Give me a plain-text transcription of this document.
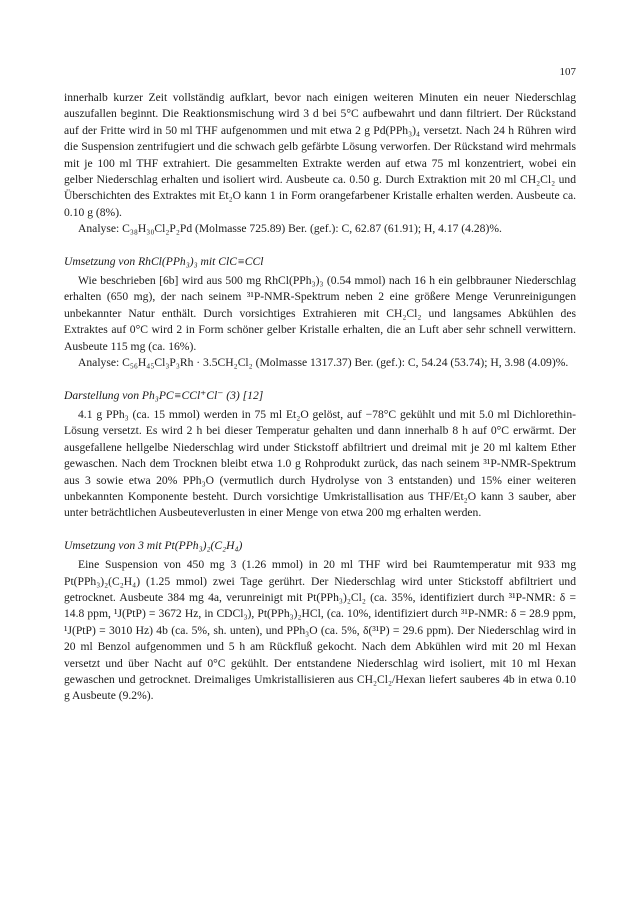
107

innerhalb kurzer Zeit vollständig aufklart, bevor nach einigen weiteren Minuten ein neuer Niederschlag auszufallen beginnt. Die Reaktionsmischung wird 3 d bei 5°C aufbewahrt und dann filtriert. Der Rückstand auf der Fritte wird in 50 ml THF aufgenommen und mit etwa 2 g Pd(PPh₃)₄ versetzt. Nach 24 h Rühren wird die Suspension zentrifugiert und die schwach gelb gefärbte Lösung verworfen. Der Rückstand wird mehrmals mit je 100 ml THF extrahiert. Die gesammelten Extrakte werden auf etwa 75 ml konzentriert, wobei ein gelber Niederschlag erhalten und isoliert wird. Ausbeute ca. 0.50 g. Durch Extraktion mit 20 ml CH₂Cl₂ und Überschichten des Extraktes mit Et₂O kann 1 in Form orangefarbener Kristalle erhalten werden. Ausbeute ca. 0.10 g (8%).

Analyse: C₃₈H₃₀Cl₂P₂Pd (Molmasse 725.89) Ber. (gef.): C, 62.87 (61.91); H, 4.17 (4.28)%.

Umsetzung von RhCl(PPh₃)₃ mit ClC≡CCl

Wie beschrieben [6b] wird aus 500 mg RhCl(PPh₃)₃ (0.54 mmol) nach 16 h ein gelbbrauner Niederschlag erhalten (650 mg), der nach seinem ³¹P-NMR-Spektrum neben 2 eine größere Menge Verunreinigungen unbekannter Natur enthält. Durch vorsichtiges Extrahieren mit CH₂Cl₂ und langsames Abkühlen des Extraktes auf 0°C wird 2 in Form schöner gelber Kristalle erhalten, die an Luft aber sehr schnell verwittern. Ausbeute 115 mg (ca. 16%).

Analyse: C₅₆H₄₅Cl₃P₃Rh · 3.5CH₂Cl₂ (Molmasse 1317.37) Ber. (gef.): C, 54.24 (53.74); H, 3.98 (4.09)%.

Darstellung von Ph₃PC≡CCl⁺Cl⁻ (3) [12]

4.1 g PPh₃ (ca. 15 mmol) werden in 75 ml Et₂O gelöst, auf −78°C gekühlt und mit 5.0 ml Dichlorethin-Lösung versetzt. Es wird 2 h bei dieser Temperatur gehalten und dann innerhalb 8 h auf 0°C erwärmt. Der ausgefallene hellgelbe Niederschlag wird under Stickstoff abfiltriert und dreimal mit je 20 ml kaltem Ether gewaschen. Nach dem Trocknen bleibt etwa 1.0 g Rohprodukt zurück, das nach seinem ³¹P-NMR-Spektrum aus 3 sowie etwa 20% PPh₃O (vermutlich durch Hydrolyse von 3 entstanden) und 15% einer weiteren unbekannten Komponente besteht. Durch vorsichtige Umkristallisation aus THF/Et₂O kann 3 sauber, aber unter beträchtlichen Ausbeuteverlusten in einer Menge von etwa 200 mg erhalten werden.

Umsetzung von 3 mit Pt(PPh₃)₂(C₂H₄)

Eine Suspension von 450 mg 3 (1.26 mmol) in 20 ml THF wird bei Raumtemperatur mit 933 mg Pt(PPh₃)₂(C₂H₄) (1.25 mmol) zwei Tage gerührt. Der Niederschlag wird unter Stickstoff abfiltriert und getrocknet. Ausbeute 384 mg 4a, verunreinigt mit Pt(PPh₃)₂Cl₂ (ca. 35%, identifiziert durch ³¹P-NMR: δ = 14.8 ppm, ¹J(PtP) = 3672 Hz, in CDCl₃), Pt(PPh₃)₂HCl, (ca. 10%, identifiziert durch ³¹P-NMR: δ = 28.9 ppm, ¹J(PtP) = 3010 Hz) 4b (ca. 5%, sh. unten), und PPh₃O (ca. 5%, δ(³¹P) = 29.6 ppm). Der Niederschlag wird in 20 ml Benzol aufgenommen und 5 h am Rückfluß gekocht. Nach dem Abkühlen wird mit 20 ml Hexan versetzt und über Nacht auf 0°C gekühlt. Der entstandene Niederschlag wird isoliert, mit 10 ml Hexan gewaschen und getrocknet. Dreimaliges Umkristallisieren aus CH₂Cl₂/Hexan liefert sauberes 4b in etwa 0.10 g Ausbeute (9.2%).
